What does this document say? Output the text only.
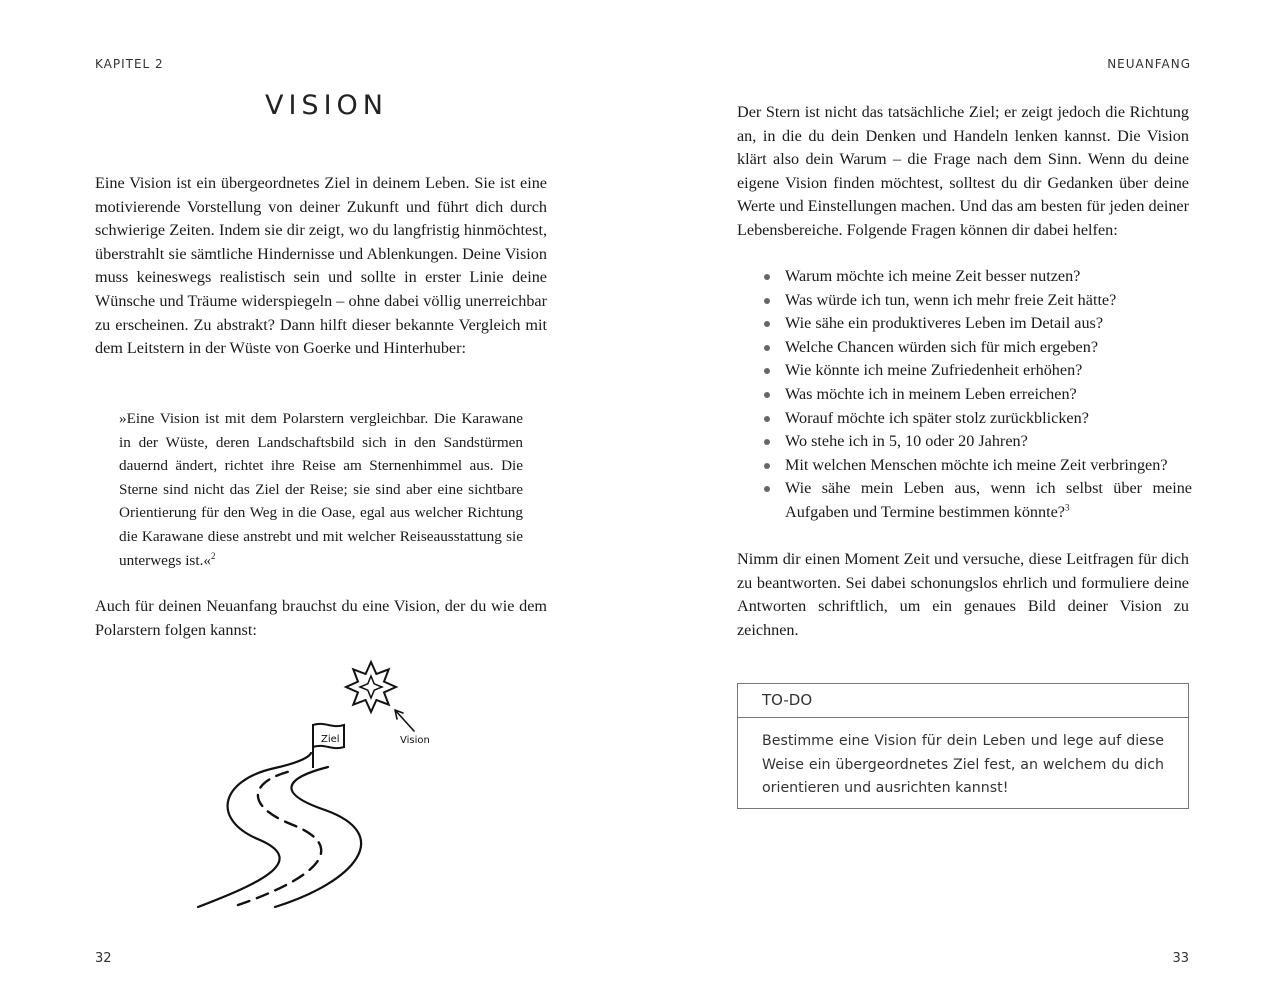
KAPITEL 2
VISION

Eine Vision ist ein übergeordnetes Ziel in deinem Leben. Sie ist eine motivierende Vorstellung von deiner Zukunft und führt dich durch schwierige Zeiten. Indem sie dir zeigt, wo du langfristig hinmöchtest, überstrahlt sie sämtliche Hindernisse und Ablenkungen. Deine Vision muss keineswegs realistisch sein und sollte in erster Linie deine Wünsche und Träume widerspiegeln – ohne dabei völlig unerreichbar zu erscheinen. Zu abstrakt? Dann hilft dieser bekannte Vergleich mit dem Leitstern in der Wüste von Goerke und Hinterhuber:

»Eine Vision ist mit dem Polarstern vergleichbar. Die Karawane in der Wüste, deren Landschaftsbild sich in den Sandstürmen dauernd ändert, richtet ihre Reise am Sternenhimmel aus. Die Sterne sind nicht das Ziel der Reise; sie sind aber eine sichtbare Orientierung für den Weg in die Oase, egal aus welcher Richtung die Karawane diese anstrebt und mit welcher Reiseausstattung sie unterwegs ist.«$^2$

Auch für deinen Neuanfang brauchst du eine Vision, der du wie dem Polarstern folgen kannst:

Ziel	Vision
32
NEUANFANG

Der Stern ist nicht das tatsächliche Ziel; er zeigt jedoch die Richtung an, in die du dein Denken und Handeln lenken kannst. Die Vision klärt also dein Warum – die Frage nach dem Sinn. Wenn du deine eigene Vision finden möchtest, solltest du dir Gedanken über deine Werte und Einstellungen machen. Und das am besten für jeden deiner Lebensbereiche. Folgende Fragen können dir dabei helfen:

Warum möchte ich meine Zeit besser nutzen?
Was würde ich tun, wenn ich mehr freie Zeit hätte?
Wie sähe ein produktiveres Leben im Detail aus?
Welche Chancen würden sich für mich ergeben?
Wie könnte ich meine Zufriedenheit erhöhen?
Was möchte ich in meinem Leben erreichen?
Worauf möchte ich später stolz zurückblicken?
Wo stehe ich in 5, 10 oder 20 Jahren?
Mit welchen Menschen möchte ich meine Zeit verbringen?
Wie sähe mein Leben aus, wenn ich selbst über meine Aufgaben und Termine bestimmen könnte?$^3$

Nimm dir einen Moment Zeit und versuche, diese Leitfragen für dich zu beantworten. Sei dabei schonungslos ehrlich und formuliere deine Antworten schriftlich, um ein genaues Bild deiner Vision zu zeichnen.

TO-DO
Bestimme eine Vision für dein Leben und lege auf diese Weise ein übergeordnetes Ziel fest, an welchem du dich orientieren und ausrichten kannst!
33
